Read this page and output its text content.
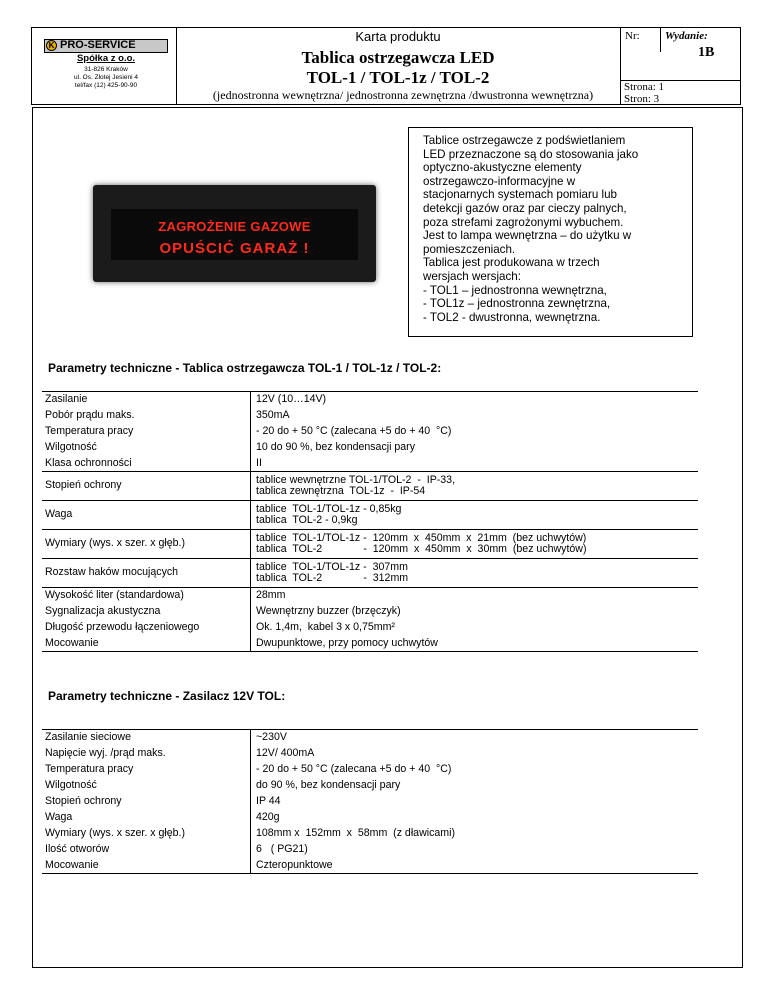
K PRO-SERVICE
Spółka z o.o.
31-826 Kraków
ul. Os. Złotej Jesieni 4
tel/fax (12) 425-90-90
Karta produktu
Tablica ostrzegawcza LED
TOL-1 / TOL-1z / TOL-2
(jednostronna wewnętrzna/ jednostronna zewnętrzna /dwustronna wewnętrzna)
Nr: Wydanie:
1B
Strona: 1
Stron: 3
ZAGROŻENIE GAZOWE
OPUŚCIĆ GARAŻ !
Tablice ostrzegawcze z podświetlaniem
LED przeznaczone są do stosowania jako
optyczno-akustyczne elementy
ostrzegawczo-informacyjne w
stacjonarnych systemach pomiaru lub
detekcji gazów oraz par cieczy palnych,
poza strefami zagrożonymi wybuchem.
Jest to lampa wewnętrzna – do użytku w
pomieszczeniach.
Tablica jest produkowana w trzech
wersjach wersjach:
- TOL1 – jednostronna wewnętrzna,
- TOL1z – jednostronna zewnętrzna,
- TOL2 - dwustronna, wewnętrzna.
Parametry techniczne - Tablica ostrzegawcza TOL-1 / TOL-1z / TOL-2:
Zasilanie	12V (10…14V)

Pobór prądu maks.	350mA

Temperatura pracy	- 20 do + 50 °C (zalecana +5 do + 40  °C)

Wilgotność	10 do 90 %, bez kondensacji pary

Klasa ochronności	II

Stopień ochrony	tablice wewnętrzne TOL-1/TOL-2  -  IP-33,
tablica zewnętrzna  TOL-1z  -  IP-54

Waga	tablice  TOL-1/TOL-1z - 0,85kg
tablica  TOL-2 - 0,9kg

Wymiary (wys. x szer. x głęb.)	tablice  TOL-1/TOL-1z -  120mm  x  450mm  x  21mm  (bez uchwytów)
tablica  TOL-2              -  120mm  x  450mm  x  30mm  (bez uchwytów)

Rozstaw haków mocujących	tablice  TOL-1/TOL-1z -  307mm
tablica  TOL-2              -  312mm

Wysokość liter (standardowa)	28mm

Sygnalizacja akustyczna	Wewnętrzny buzzer (brzęczyk)

Długość przewodu łączeniowego	Ok. 1,4m,  kabel 3 x 0,75mm²

Mocowanie	Dwupunktowe, przy pomocy uchwytów
Parametry techniczne - Zasilacz 12V TOL:
Zasilanie sieciowe	~230V

Napięcie wyj. /prąd maks.	12V/ 400mA

Temperatura pracy	- 20 do + 50 °C (zalecana +5 do + 40  °C)

Wilgotność	do 90 %, bez kondensacji pary

Stopień ochrony	IP 44

Waga	420g

Wymiary (wys. x szer. x głęb.)	108mm x  152mm  x  58mm  (z dławicami)

Ilość otworów	6   ( PG21)

Mocowanie	Czteropunktowe
